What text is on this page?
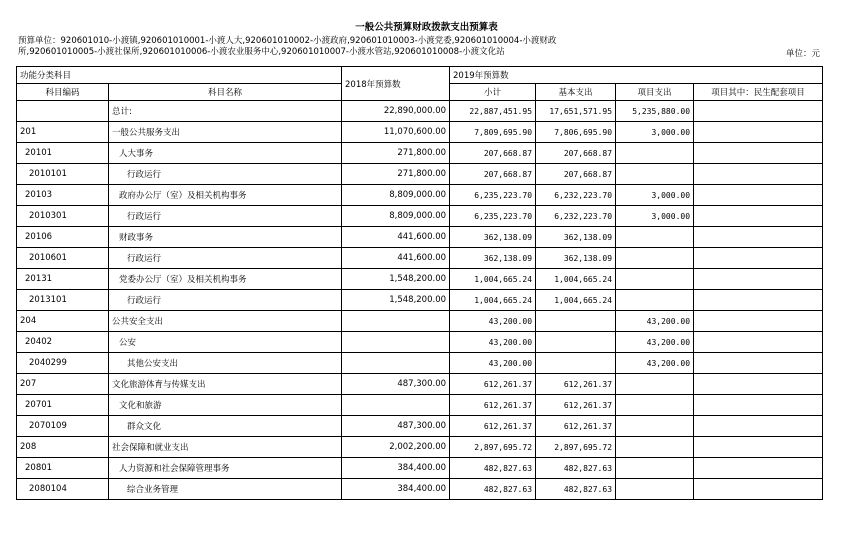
一般公共预算财政拨款支出预算表
预算单位：920601010-小渡镇,920601010001-小渡人大,920601010002-小渡政府,920601010003-小渡党委,920601010004-小渡财政所,920601010005-小渡社保所,920601010006-小渡农业服务中心,920601010007-小渡水管站,920601010008-小渡文化站	单位：元
功能分类科目		2018年预算数	2019年预算数			
科目编码	科目名称		小计	基本支出	项目支出	项目其中：民生配套项目
	总计:	22,890,000.00	22,887,451.95	17,651,571.95	5,235,880.00	
201	一般公共服务支出	11,070,600.00	7,809,695.90	7,806,695.90	3,000.00	
20101	人大事务	271,800.00	207,668.87	207,668.87		
2010101	行政运行	271,800.00	207,668.87	207,668.87		
20103	政府办公厅（室）及相关机构事务	8,809,000.00	6,235,223.70	6,232,223.70	3,000.00	
2010301	行政运行	8,809,000.00	6,235,223.70	6,232,223.70	3,000.00	
20106	财政事务	441,600.00	362,138.09	362,138.09		
2010601	行政运行	441,600.00	362,138.09	362,138.09		
20131	党委办公厅（室）及相关机构事务	1,548,200.00	1,004,665.24	1,004,665.24		
2013101	行政运行	1,548,200.00	1,004,665.24	1,004,665.24		
204	公共安全支出		43,200.00		43,200.00	
20402	公安		43,200.00		43,200.00	
2040299	其他公安支出		43,200.00		43,200.00	
207	文化旅游体育与传媒支出	487,300.00	612,261.37	612,261.37		
20701	文化和旅游		612,261.37	612,261.37		
2070109	群众文化	487,300.00	612,261.37	612,261.37		
208	社会保障和就业支出	2,002,200.00	2,897,695.72	2,897,695.72		
20801	人力资源和社会保障管理事务	384,400.00	482,827.63	482,827.63		
2080104	综合业务管理	384,400.00	482,827.63	482,827.63		
